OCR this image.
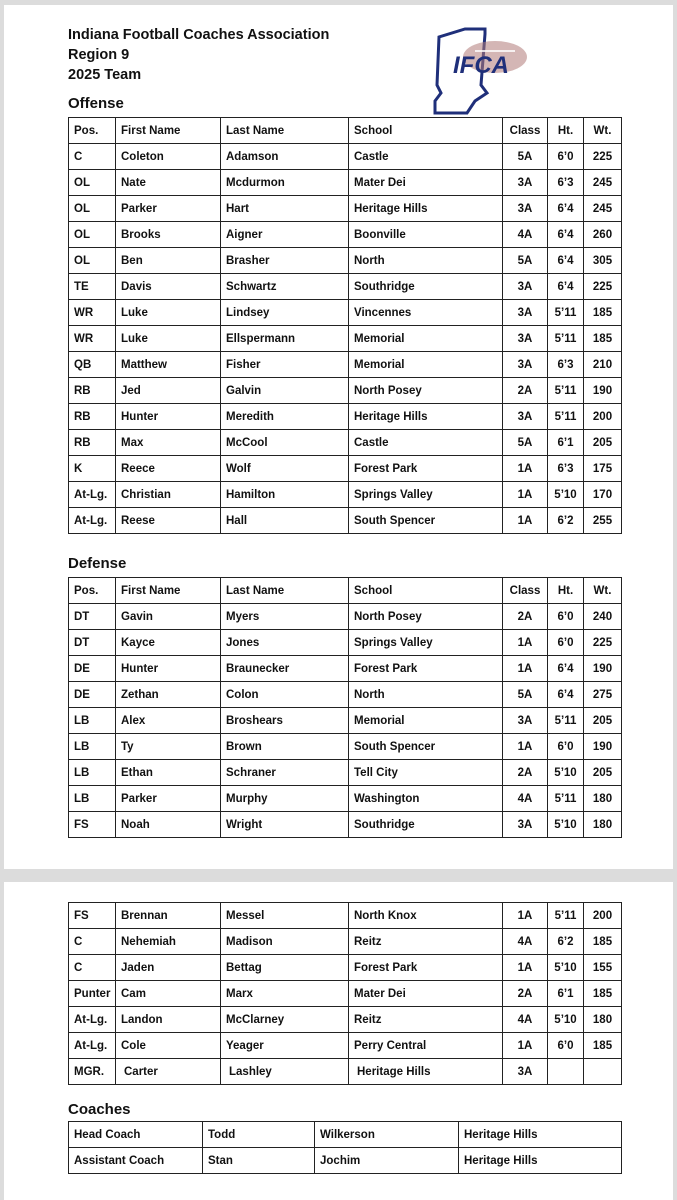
Indiana Football Coaches Association
Region 9
2025 Team	IFCA
Offense
Pos.	First Name	Last Name	School	Class	Ht.	Wt.
C	Coleton	Adamson	Castle	5A	6’0	225
OL	Nate	Mcdurmon	Mater Dei	3A	6’3	245
OL	Parker	Hart	Heritage Hills	3A	6’4	245
OL	Brooks	Aigner	Boonville	4A	6’4	260
OL	Ben	Brasher	North	5A	6’4	305
TE	Davis	Schwartz	Southridge	3A	6’4	225
WR	Luke	Lindsey	Vincennes	3A	5’11	185
WR	Luke	Ellspermann	Memorial	3A	5’11	185
QB	Matthew	Fisher	Memorial	3A	6’3	210
RB	Jed	Galvin	North Posey	2A	5’11	190
RB	Hunter	Meredith	Heritage Hills	3A	5’11	200
RB	Max	McCool	Castle	5A	6’1	205
K	Reece	Wolf	Forest Park	1A	6’3	175
At-Lg.	Christian	Hamilton	Springs Valley	1A	5’10	170
At-Lg.	Reese	Hall	South Spencer	1A	6’2	255
Defense
Pos.	First Name	Last Name	School	Class	Ht.	Wt.
DT	Gavin	Myers	North Posey	2A	6’0	240
DT	Kayce	Jones	Springs Valley	1A	6’0	225
DE	Hunter	Braunecker	Forest Park	1A	6’4	190
DE	Zethan	Colon	North	5A	6’4	275
LB	Alex	Broshears	Memorial	3A	5’11	205
LB	Ty	Brown	South Spencer	1A	6’0	190
LB	Ethan	Schraner	Tell City	2A	5’10	205
LB	Parker	Murphy	Washington	4A	5’11	180
FS	Noah	Wright	Southridge	3A	5’10	180
FS	Brennan	Messel	North Knox	1A	5’11	200
C	Nehemiah	Madison	Reitz	4A	6’2	185
C	Jaden	Bettag	Forest Park	1A	5’10	155
Punter	Cam	Marx	Mater Dei	2A	6’1	185
At-Lg.	Landon	McClarney	Reitz	4A	5’10	180
At-Lg.	Cole	Yeager	Perry Central	1A	6’0	185
MGR.	Carter	Lashley	Heritage Hills	3A		
Coaches
Head Coach	Todd	Wilkerson	Heritage Hills
Assistant Coach	Stan	Jochim	Heritage Hills
